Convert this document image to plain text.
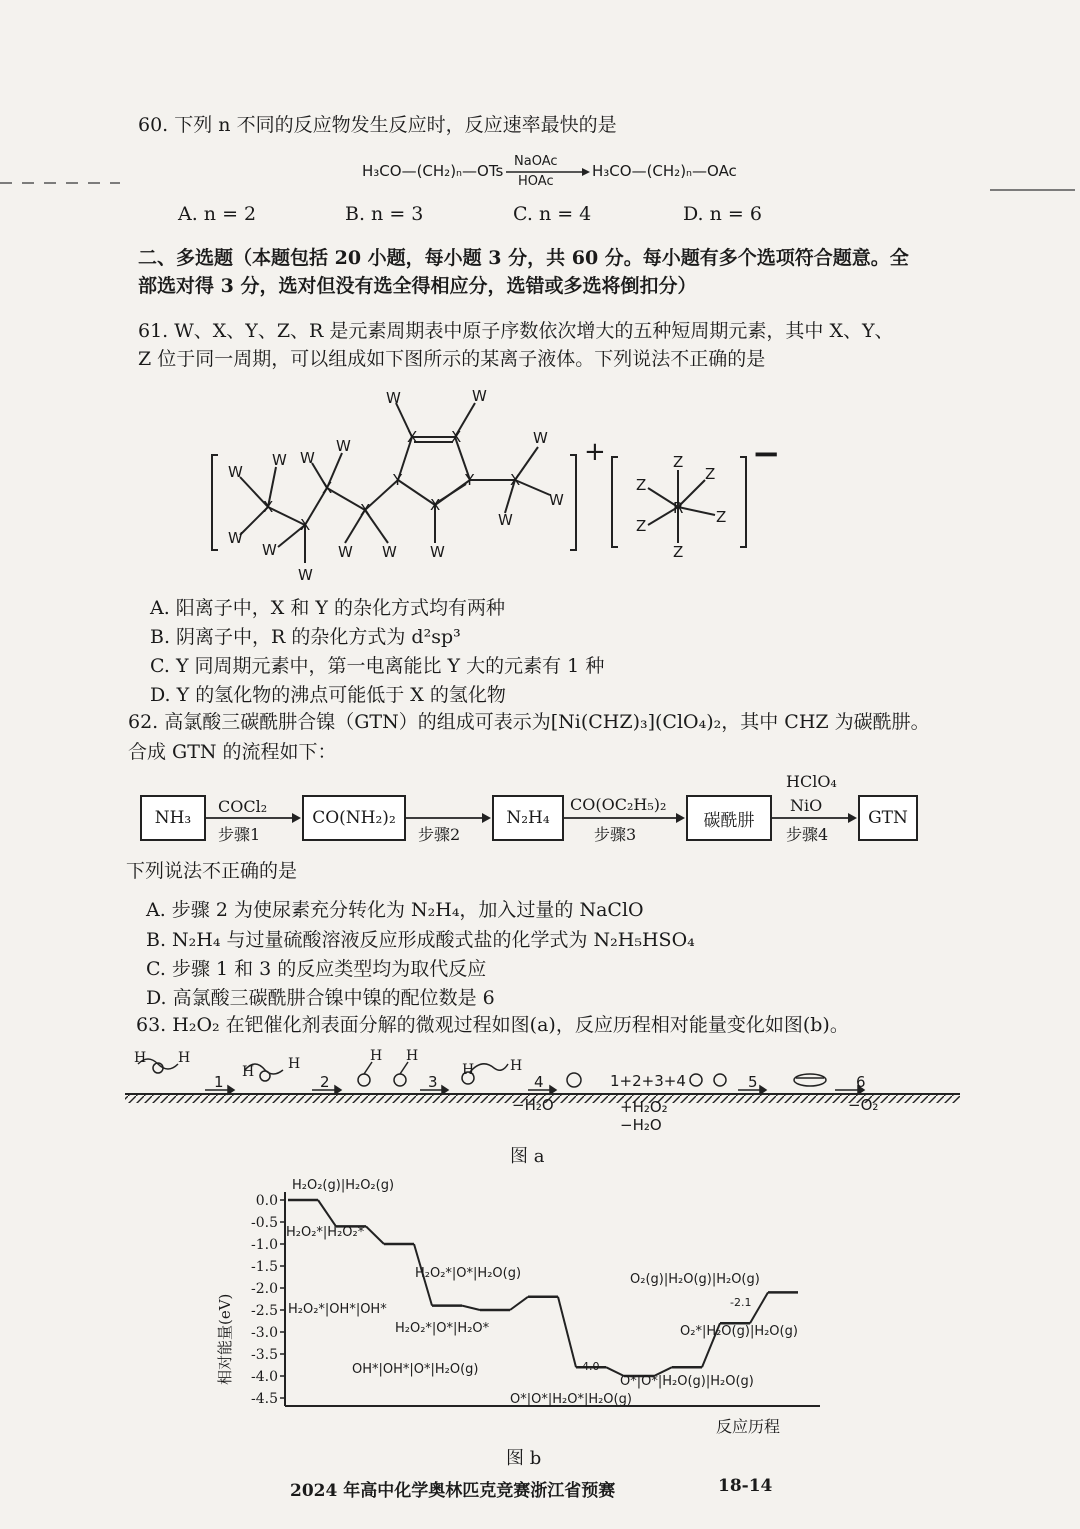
60. 下列 n 不同的反应物发生反应时，反应速率最快的是
H₃CO—(CH₂)ₙ—OTs
NaOAc
HOAc
H₃CO—(CH₂)ₙ—OAc
A. n = 2	B. n = 3	C. n = 4	D. n = 6
二、多选题（本题包括 20 小题，每小题 3 分，共 60 分。每小题有多个选项符合题意。全
部选对得 3 分，选对但没有选全得相应分，选错或多选将倒扣分）
61. W、X、Y、Z、R 是元素周期表中原子序数依次增大的五种短周期元素，其中 X、Y、
Z 位于同一周期，可以组成如下图所示的某离子液体。下列说法不正确的是
X
X
X
X
X X
X
X
Y	Y
W
W
W
W
W
W
W
W W
W	W
W
W
W
W
R
Z
Z
Z
Z
Z	Z
+	−
A. 阳离子中，X 和 Y 的杂化方式均有两种
B. 阴离子中，R 的杂化方式为 d²sp³
C. Y 同周期元素中，第一电离能比 Y 大的元素有 1 种
D. Y 的氢化物的沸点可能低于 X 的氢化物
62. 高氯酸三碳酰肼合镍（GTN）的组成可表示为[Ni(CHZ)₃](ClO₄)₂，其中 CHZ 为碳酰肼。
合成 GTN 的流程如下：
NH₃	CO(NH₂)₂	N₂H₄	碳酰肼	GTN
COCl₂
步骤1	步骤2
CO(OC₂H₅)₂
步骤3
HClO₄
NiO
步骤4
下列说法不正确的是
A. 步骤 2 为使尿素充分转化为 N₂H₄，加入过量的 NaClO
B. N₂H₄ 与过量硫酸溶液反应形成酸式盐的化学式为 N₂H₅HSO₄
C. 步骤 1 和 3 的反应类型均为取代反应
D. 高氯酸三碳酰肼合镍中镍的配位数是 6
63. H₂O₂ 在钯催化剂表面分解的微观过程如图(a)，反应历程相对能量变化如图(b)。
H H
H H	H H
H	H
1	2	3	4	5	6
1+2+3+4
−H₂O	+H₂O₂
−H₂O
−O₂
图 a
0.0
-0.5
-1.0
-1.5
-2.0
-2.5
-3.0
-3.5
-4.0
-4.5
H₂O₂(g)|H₂O₂(g)
H₂O₂*|H₂O₂*
H₂O₂*|OH*|OH*
H₂O₂*|O*|H₂O*
H₂O₂*|O*|H₂O(g)
OH*|OH*|O*|H₂O(g)
O*|O*|H₂O*|H₂O(g)
O*|O*|H₂O(g)|H₂O(g)
O₂*|H₂O(g)|H₂O(g)
O₂(g)|H₂O(g)|H₂O(g)
-4.0
-2.1
相对能量(eV)
反应历程
图 b
2024 年高中化学奥林匹克竞赛浙江省预赛	18-14
